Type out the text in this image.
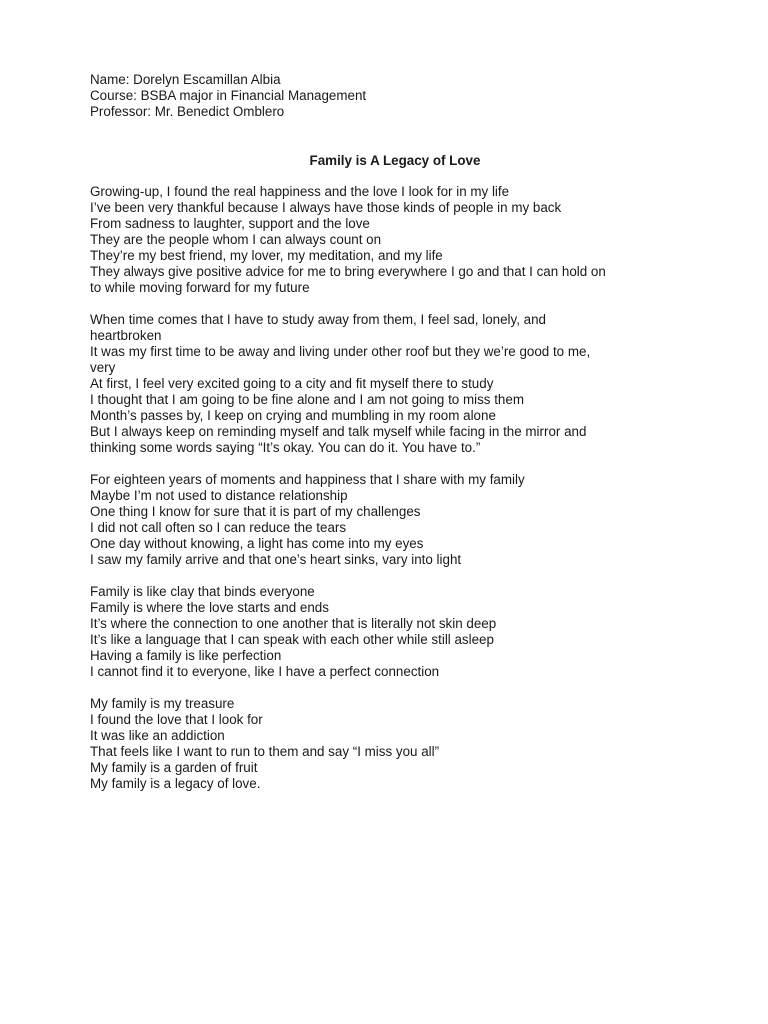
Name: Dorelyn Escamillan Albia
Course: BSBA major in Financial Management
Professor: Mr. Benedict Omblero
Family is A Legacy of Love
Growing-up, I found the real happiness and the love I look for in my life
I’ve been very thankful because I always have those kinds of people in my back
From sadness to laughter, support and the love
They are the people whom I can always count on
They’re my best friend, my lover, my meditation, and my life
They always give positive advice for me to bring everywhere I go and that I can hold on
to while moving forward for my future
When time comes that I have to study away from them, I feel sad, lonely, and
heartbroken
It was my first time to be away and living under other roof but they we’re good to me,
very
At first, I feel very excited going to a city and fit myself there to study
I thought that I am going to be fine alone and I am not going to miss them
Month’s passes by, I keep on crying and mumbling in my room alone
But I always keep on reminding myself and talk myself while facing in the mirror and
thinking some words saying “It’s okay. You can do it. You have to.”
For eighteen years of moments and happiness that I share with my family
Maybe I’m not used to distance relationship
One thing I know for sure that it is part of my challenges
I did not call often so I can reduce the tears
One day without knowing, a light has come into my eyes
I saw my family arrive and that one’s heart sinks, vary into light
Family is like clay that binds everyone
Family is where the love starts and ends
It’s where the connection to one another that is literally not skin deep
It’s like a language that I can speak with each other while still asleep
Having a family is like perfection
I cannot find it to everyone, like I have a perfect connection
My family is my treasure
I found the love that I look for
It was like an addiction
That feels like I want to run to them and say “I miss you all”
My family is a garden of fruit
My family is a legacy of love.
